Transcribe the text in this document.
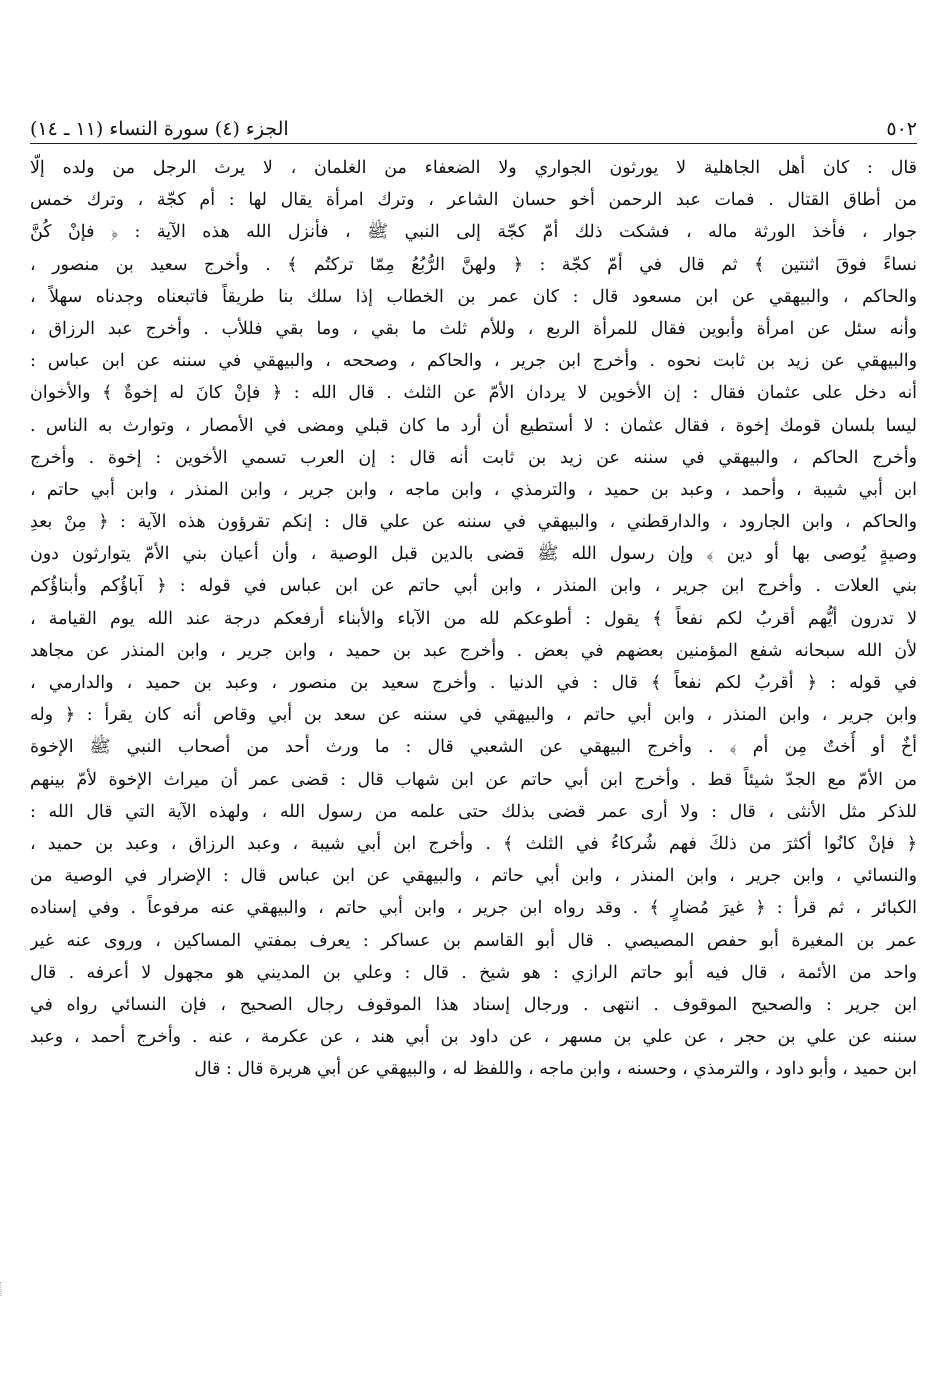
٥٠٢
الجزء (٤) سورة النساء (١١ ـ ١٤)
قال : كان أهل الجاهلية لا يورثون الجواري ولا الضعفاء من الغلمان ، لا يرث الرجل من ولده إلّا
من أطاق القتال . فمات عبد الرحمن أخو حسان الشاعر ، وترك امرأة يقال لها : أم كجّة ، وترك خمس
جوار ، فأخذ الورثة ماله ، فشكت ذلك أمّ كجّة إلى النبي ﷺ ، فأنزل الله هذه الآية : ﴿ فإنْ كُنَّ
نساءً فوقَ اثنتين ﴾ ثم قال في أمّ كجّة : ﴿ ولهنَّ الرُّبُعُ مِمّا تركتُم ﴾ . وأخرج سعيد بن منصور ،
والحاكم ، والبيهقي عن ابن مسعود قال : كان عمر بن الخطاب إذا سلك بنا طريقاً فاتبعناه وجدناه سهلاً ،
وأنه سئل عن امرأة وأبوين فقال للمرأة الربع ، وللأم ثلث ما بقي ، وما بقي فللأب . وأخرج عبد الرزاق ،
والبيهقي عن زيد بن ثابت نحوه . وأخرج ابن جرير ، والحاكم ، وصححه ، والبيهقي في سننه عن ابن عباس :
أنه دخل على عثمان فقال : إن الأخوين لا يردان الأمّ عن الثلث . قال الله : ﴿ فإنْ كانَ له إخوةٌ ﴾ والأخوان
ليسا بلسان قومك إخوة ، فقال عثمان : لا أستطيع أن أرد ما كان قبلي ومضى في الأمصار ، وتوارث به الناس .
وأخرج الحاكم ، والبيهقي في سننه عن زيد بن ثابت أنه قال : إن العرب تسمي الأخوين : إخوة . وأخرج
ابن أبي شيبة ، وأحمد ، وعبد بن حميد ، والترمذي ، وابن ماجه ، وابن جرير ، وابن المنذر ، وابن أبي حاتم ،
والحاكم ، وابن الجارود ، والدارقطني ، والبيهقي في سننه عن علي قال : إنكم تقرؤون هذه الآية : ﴿ مِنْ بعدِ
وصيةٍ يُوصى بها أو دين ﴾ وإن رسول الله ﷺ قضى بالدين قبل الوصية ، وأن أعيان بني الأمّ يتوارثون دون
بني العلات . وأخرج ابن جرير ، وابن المنذر ، وابن أبي حاتم عن ابن عباس في قوله : ﴿ آباؤُكم وأبناؤُكم
لا تدرون أيُّهم أقربُ لكم نفعاً ﴾ يقول : أطوعكم لله من الآباء والأبناء أرفعكم درجة عند الله يوم القيامة ،
لأن الله سبحانه شفع المؤمنين بعضهم في بعض . وأخرج عبد بن حميد ، وابن جرير ، وابن المنذر عن مجاهد
في قوله : ﴿ أقربُ لكم نفعاً ﴾ قال : في الدنيا . وأخرج سعيد بن منصور ، وعبد بن حميد ، والدارمي ،
وابن جرير ، وابن المنذر ، وابن أبي حاتم ، والبيهقي في سننه عن سعد بن أبي وقاص أنه كان يقرأ : ﴿ وله
أخٌ أو أُختٌ مِن أم ﴾ . وأخرج البيهقي عن الشعبي قال : ما ورث أحد من أصحاب النبي ﷺ الإخوة
من الأمّ مع الجدّ شيئاً قط . وأخرج ابن أبي حاتم عن ابن شهاب قال : قضى عمر أن ميراث الإخوة لأمّ بينهم
للذكر مثل الأنثى ، قال : ولا أرى عمر قضى بذلك حتى علمه من رسول الله ، ولهذه الآية التي قال الله :
﴿ فإنْ كانُوا أكثرَ من ذلكَ فهم شُركاءُ في الثلث ﴾ . وأخرج ابن أبي شيبة ، وعبد الرزاق ، وعبد بن حميد ،
والنسائي ، وابن جرير ، وابن المنذر ، وابن أبي حاتم ، والبيهقي عن ابن عباس قال : الإضرار في الوصية من
الكبائر ، ثم قرأ : ﴿ غيرَ مُضارٍ ﴾ . وقد رواه ابن جرير ، وابن أبي حاتم ، والبيهقي عنه مرفوعاً . وفي إسناده
عمر بن المغيرة أبو حفص المصيصي . قال أبو القاسم بن عساكر : يعرف بمفتي المساكين ، وروى عنه غير
واحد من الأئمة ، قال فيه أبو حاتم الرازي : هو شيخ . قال : وعلي بن المديني هو مجهول لا أعرفه . قال
ابن جرير : والصحيح الموقوف . انتهى . ورجال إسناد هذا الموقوف رجال الصحيح ، فإن النسائي رواه في
سننه عن علي بن حجر ، عن علي بن مسهر ، عن داود بن أبي هند ، عن عكرمة ، عنه . وأخرج أحمد ، وعبد
ابن حميد ، وأبو داود ، والترمذي ، وحسنه ، وابن ماجه ، واللفظ له ، والبيهقي عن أبي هريرة قال : قال
